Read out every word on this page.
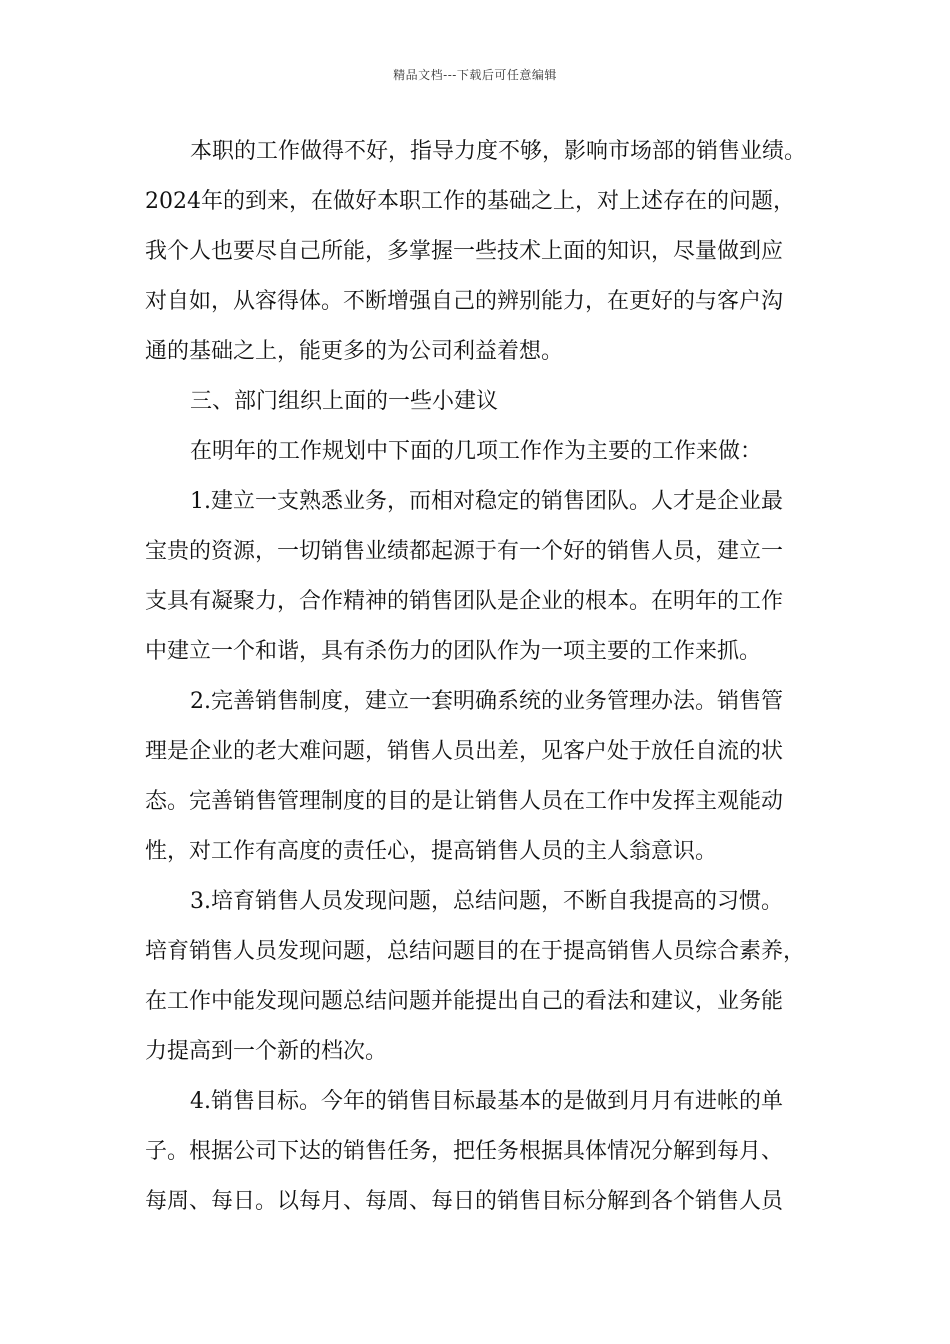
精品文档---下载后可任意编辑
本职的工作做得不好，指导力度不够，影响市场部的销售业绩。
2024年的到来，在做好本职工作的基础之上，对上述存在的问题，
我个人也要尽自己所能，多掌握一些技术上面的知识，尽量做到应
对自如，从容得体。不断增强自己的辨别能力，在更好的与客户沟
通的基础之上，能更多的为公司利益着想。
三、部门组织上面的一些小建议
在明年的工作规划中下面的几项工作作为主要的工作来做：
1.建立一支熟悉业务，而相对稳定的销售团队。人才是企业最
宝贵的资源，一切销售业绩都起源于有一个好的销售人员，建立一
支具有凝聚力，合作精神的销售团队是企业的根本。在明年的工作
中建立一个和谐，具有杀伤力的团队作为一项主要的工作来抓。
2.完善销售制度，建立一套明确系统的业务管理办法。销售管
理是企业的老大难问题，销售人员出差，见客户处于放任自流的状
态。完善销售管理制度的目的是让销售人员在工作中发挥主观能动
性，对工作有高度的责任心，提高销售人员的主人翁意识。
3.培育销售人员发现问题，总结问题，不断自我提高的习惯。
培育销售人员发现问题，总结问题目的在于提高销售人员综合素养，
在工作中能发现问题总结问题并能提出自己的看法和建议，业务能
力提高到一个新的档次。
4.销售目标。今年的销售目标最基本的是做到月月有进帐的单
子。根据公司下达的销售任务，把任务根据具体情况分解到每月、
每周、每日。以每月、每周、每日的销售目标分解到各个销售人员
